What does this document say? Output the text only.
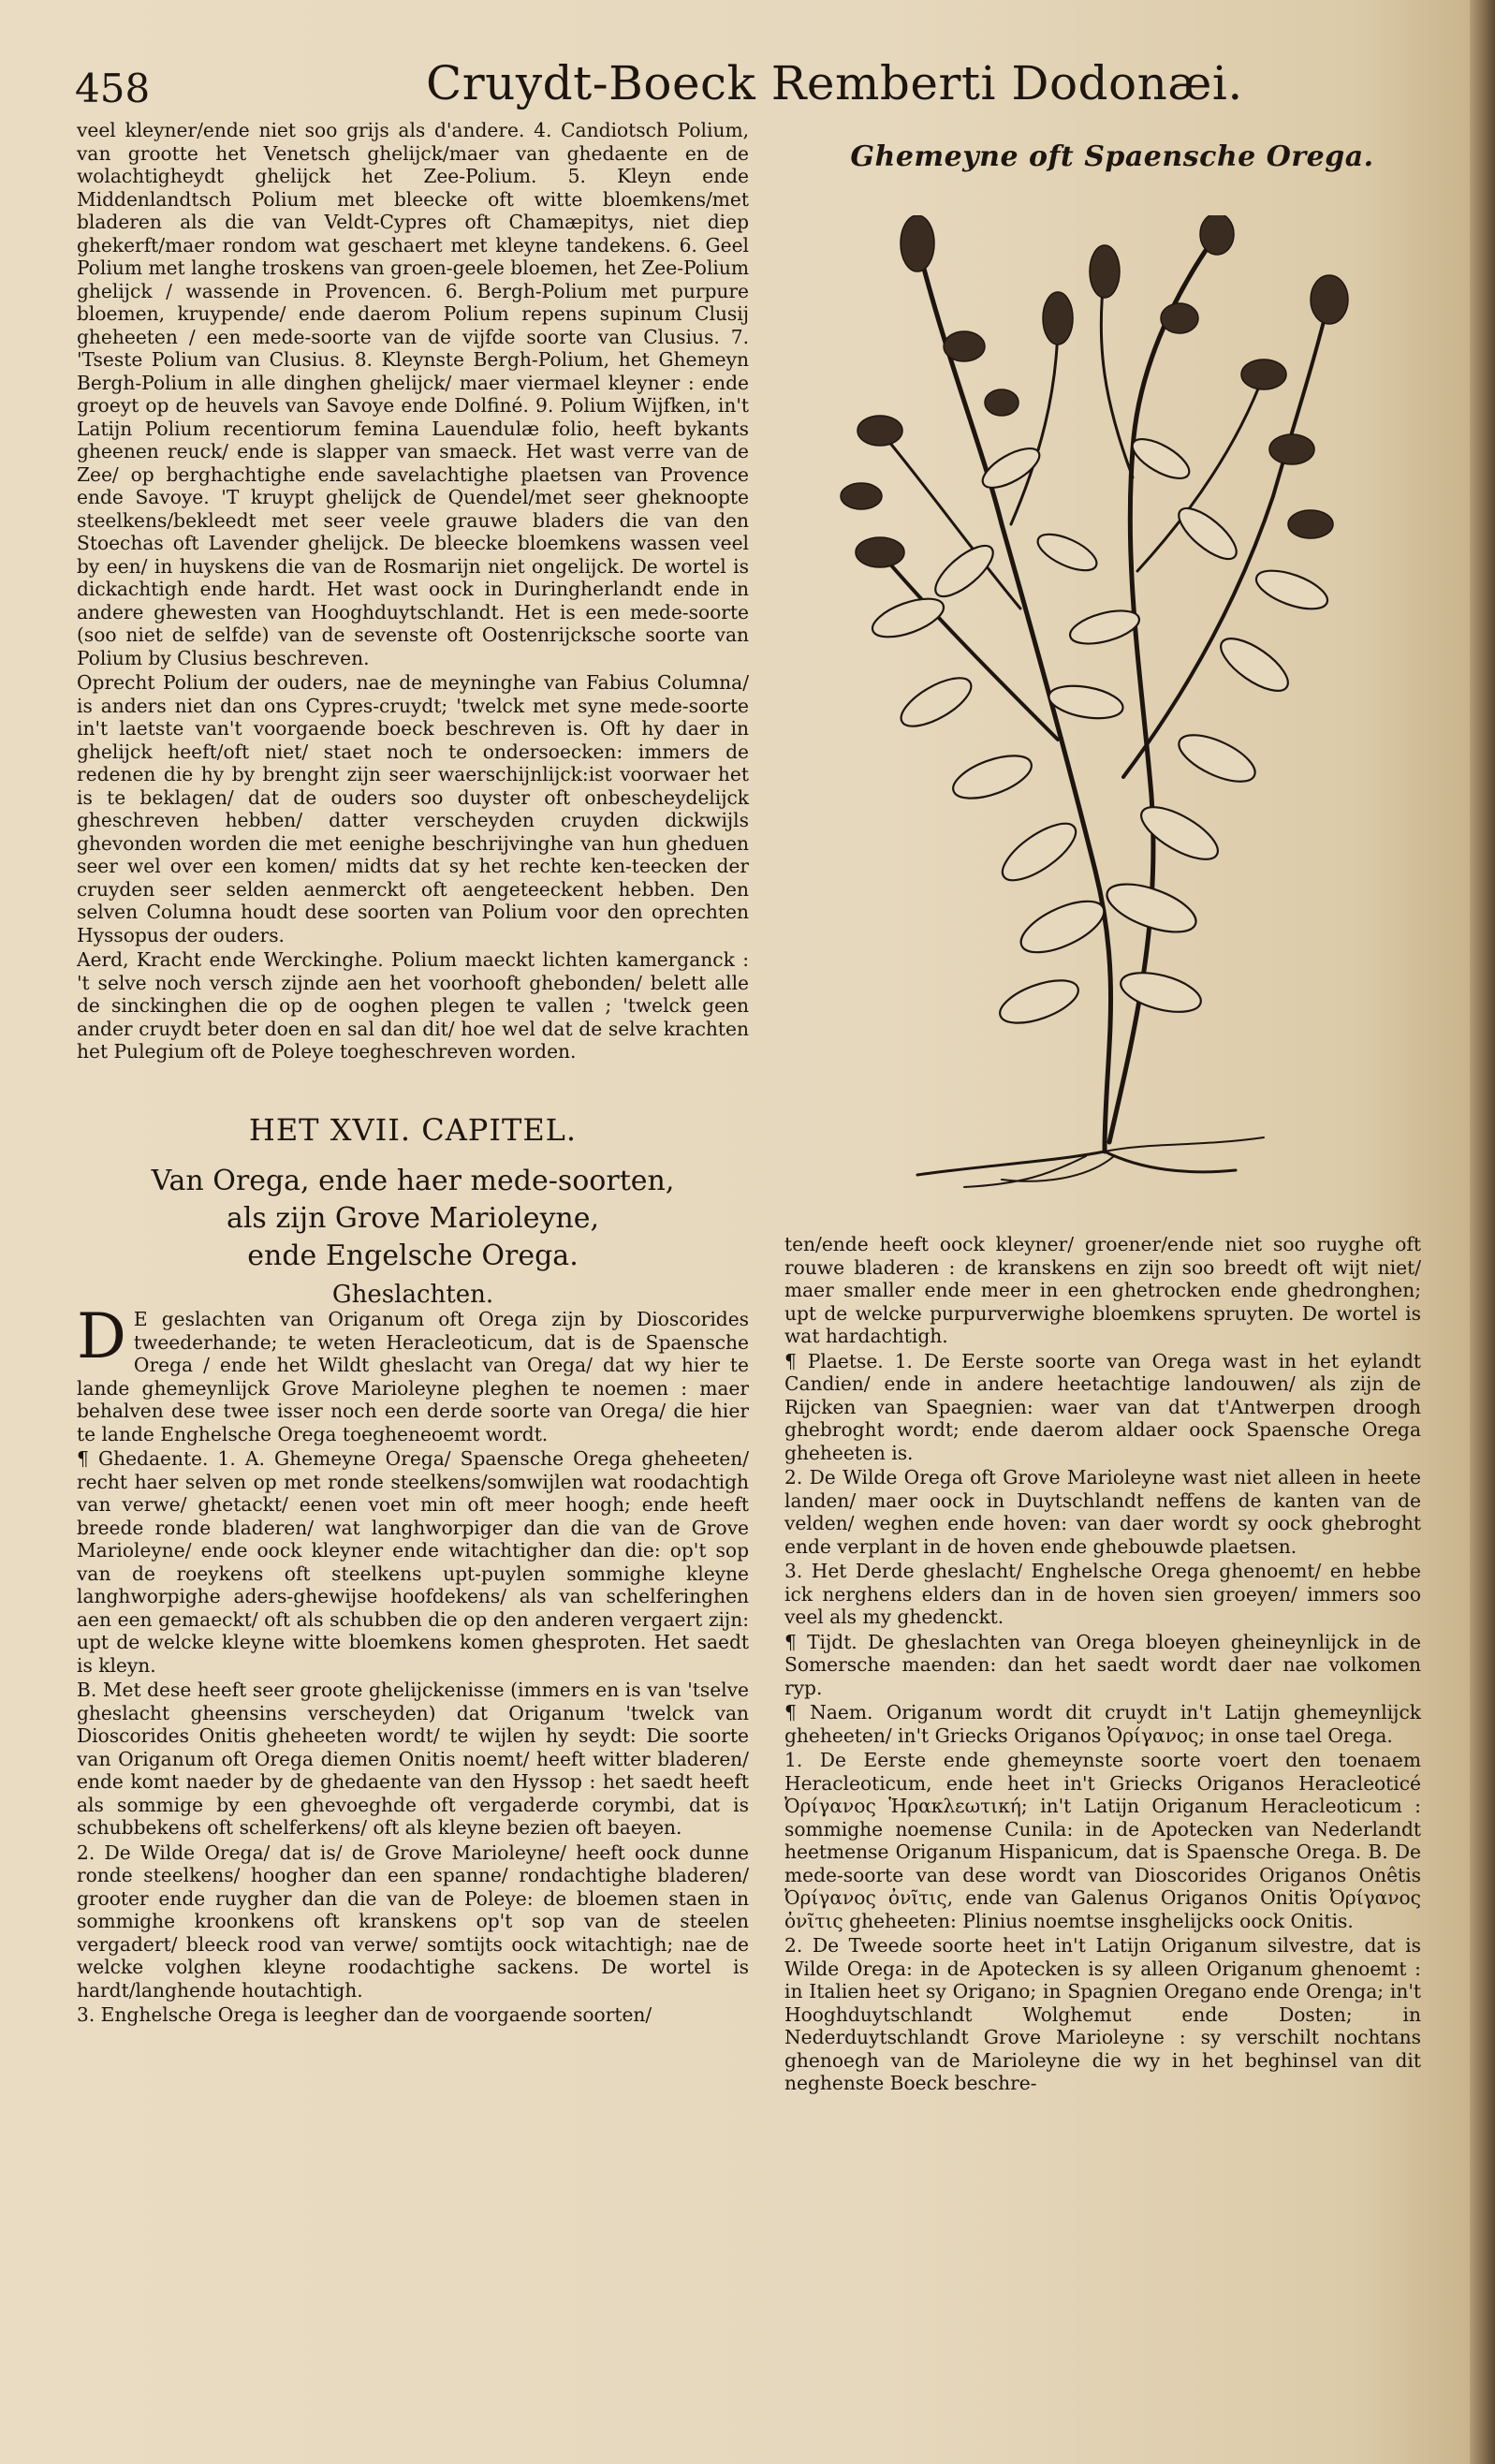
458	Cruydt-Boeck Remberti Dodonæi.

veel kleyner/ende niet soo grijs als d'andere. 4. Candiotsch Polium, van grootte het Venetsch ghelijck/maer van ghedaente en de wolachtigheydt ghelijck het Zee-Polium. 5. Kleyn ende Middenlandtsch Polium met bleecke oft witte bloemkens/met bladeren als die van Veldt-Cypres oft Chamæpitys, niet diep ghekerft/maer rondom wat geschaert met kleyne tandekens. 6. Geel Polium met langhe troskens van groen-geele bloemen, het Zee-Polium ghelijck / wassende in Provencen. 6. Bergh-Polium met purpure bloemen, kruypende/ ende daerom Polium repens supinum Clusij gheheeten / een mede-soorte van de vijfde soorte van Clusius. 7. 'Tseste Polium van Clusius. 8. Kleynste Bergh-Polium, het Ghemeyn Bergh-Polium in alle dinghen ghelijck/ maer viermael kleyner : ende groeyt op de heuvels van Savoye ende Dolfiné. 9. Polium Wijfken, in't Latijn Polium recentiorum femina Lauendulæ folio, heeft bykants gheenen reuck/ ende is slapper van smaeck. Het wast verre van de Zee/ op berghachtighe ende savelachtighe plaetsen van Provence ende Savoye. 'T kruypt ghelijck de Quendel/met seer gheknoopte steelkens/bekleedt met seer veele grauwe bladers die van den Stoechas oft Lavender ghelijck. De bleecke bloemkens wassen veel by een/ in huyskens die van de Rosmarijn niet ongelijck. De wortel is dickachtigh ende hardt. Het wast oock in Duringherlandt ende in andere ghewesten van Hooghduytschlandt. Het is een mede-soorte (soo niet de selfde) van de sevenste oft Oostenrijcksche soorte van Polium by Clusius beschreven.

Oprecht Polium der ouders, nae de meyninghe van Fabius Columna/ is anders niet dan ons Cypres-cruydt; 'twelck met syne mede-soorte in't laetste van't voorgaende boeck beschreven is. Oft hy daer in ghelijck heeft/oft niet/ staet noch te ondersoecken: immers de redenen die hy by brenght zijn seer waerschijnlijck:ist voorwaer het is te beklagen/ dat de ouders soo duyster oft onbescheydelijck gheschreven hebben/ datter verscheyden cruyden dickwijls ghevonden worden die met eenighe beschrijvinghe van hun gheduen seer wel over een komen/ midts dat sy het rechte ken-teecken der cruyden seer selden aenmerckt oft aengeteeckent hebben. Den selven Columna houdt dese soorten van Polium voor den oprechten Hyssopus der ouders.

Aerd, Kracht ende Werckinghe. Polium maeckt lichten kamerganck : 't selve noch versch zijnde aen het voorhooft ghebonden/ belett alle de sinckinghen die op de ooghen plegen te vallen ; 'twelck geen ander cruydt beter doen en sal dan dit/ hoe wel dat de selve krachten het Pulegium oft de Poleye toegheschreven worden.

HET XVII. CAPITEL.
Van Orega, ende haer mede-soorten,
als zijn Grove Marioleyne,
ende Engelsche Orega.
Gheslachten.

D E geslachten van Origanum oft Orega zijn by Dioscorides tweederhande; te weten Heracleoticum, dat is de Spaensche Orega / ende het Wildt gheslacht van Orega/ dat wy hier te lande ghemeynlijck Grove Marioleyne pleghen te noemen : maer behalven dese twee isser noch een derde soorte van Orega/ die hier te lande Enghelsche Orega toegheneoemt wordt.

¶ Ghedaente. 1. A. Ghemeyne Orega/ Spaensche Orega gheheeten/ recht haer selven op met ronde steelkens/somwijlen wat roodachtigh van verwe/ ghetackt/ eenen voet min oft meer hoogh; ende heeft breede ronde bladeren/ wat langhworpiger dan die van de Grove Marioleyne/ ende oock kleyner ende witachtigher dan die: op't sop van de roeykens oft steelkens upt-puylen sommighe kleyne langhworpighe aders-ghewijse hoofdekens/ als van schelferinghen aen een gemaeckt/ oft als schubben die op den anderen vergaert zijn: upt de welcke kleyne witte bloemkens komen ghesproten. Het saedt is kleyn.

B. Met dese heeft seer groote ghelijckenisse (immers en is van 'tselve gheslacht gheensins verscheyden) dat Origanum 'twelck van Dioscorides Onitis gheheeten wordt/ te wijlen hy seydt: Die soorte van Origanum oft Orega diemen Onitis noemt/ heeft witter bladeren/ ende komt naeder by de ghedaente van den Hyssop : het saedt heeft als sommige by een ghevoeghde oft vergaderde corymbi, dat is schubbekens oft schelferkens/ oft als kleyne bezien oft baeyen.

2. De Wilde Orega/ dat is/ de Grove Marioleyne/ heeft oock dunne ronde steelkens/ hoogher dan een spanne/ rondachtighe bladeren/ grooter ende ruygher dan die van de Poleye: de bloemen staen in sommighe kroonkens oft kranskens op't sop van de steelen vergadert/ bleeck rood van verwe/ somtijts oock witachtigh; nae de welcke volghen kleyne roodachtighe sackens. De wortel is hardt/langhende houtachtigh.

3. Enghelsche Orega is leegher dan de voorgaende soorten/

Ghemeyne oft Spaensche Orega.

ten/ende heeft oock kleyner/ groener/ende niet soo ruyghe oft rouwe bladeren : de kranskens en zijn soo breedt oft wijt niet/ maer smaller ende meer in een ghetrocken ende ghedronghen; upt de welcke purpurverwighe bloemkens spruyten. De wortel is wat hardachtigh.

¶ Plaetse. 1. De Eerste soorte van Orega wast in het eylandt Candien/ ende in andere heetachtige landouwen/ als zijn de Rijcken van Spaegnien: waer van dat t'Antwerpen droogh ghebroght wordt; ende daerom aldaer oock Spaensche Orega gheheeten is.

2. De Wilde Orega oft Grove Marioleyne wast niet alleen in heete landen/ maer oock in Duytschlandt neffens de kanten van de velden/ weghen ende hoven: van daer wordt sy oock ghebroght ende verplant in de hoven ende ghebouwde plaetsen.

3. Het Derde gheslacht/ Enghelsche Orega ghenoemt/ en hebbe ick nerghens elders dan in de hoven sien groeyen/ immers soo veel als my ghedenckt.

¶ Tijdt. De gheslachten van Orega bloeyen gheineynlijck in de Somersche maenden: dan het saedt wordt daer nae volkomen ryp.

¶ Naem. Origanum wordt dit cruydt in't Latijn ghemeynlijck gheheeten/ in't Griecks Origanos Ὀρίγανος; in onse tael Orega.

1. De Eerste ende ghemeynste soorte voert den toenaem Heracleoticum, ende heet in't Griecks Origanos Heracleoticé Ὀρίγανος Ἡρακλεωτική; in't Latijn Origanum Heracleoticum : sommighe noemense Cunila: in de Apotecken van Nederlandt heetmense Origanum Hispanicum, dat is Spaensche Orega. B. De mede-soorte van dese wordt van Dioscorides Origanos Onêtis Ὀρίγανος ὀνῖτις, ende van Galenus Origanos Onitis Ὀρίγανος ὀνῖτις gheheeten: Plinius noemtse insghelijcks oock Onitis.

2. De Tweede soorte heet in't Latijn Origanum silvestre, dat is Wilde Orega: in de Apotecken is sy alleen Origanum ghenoemt : in Italien heet sy Origano; in Spagnien Oregano ende Orenga; in't Hooghduytschlandt Wolghemut ende Dosten; in Nederduytschlandt Grove Marioleyne : sy verschilt nochtans ghenoegh van de Marioleyne die wy in het beghinsel van dit neghenste Boeck beschre-
